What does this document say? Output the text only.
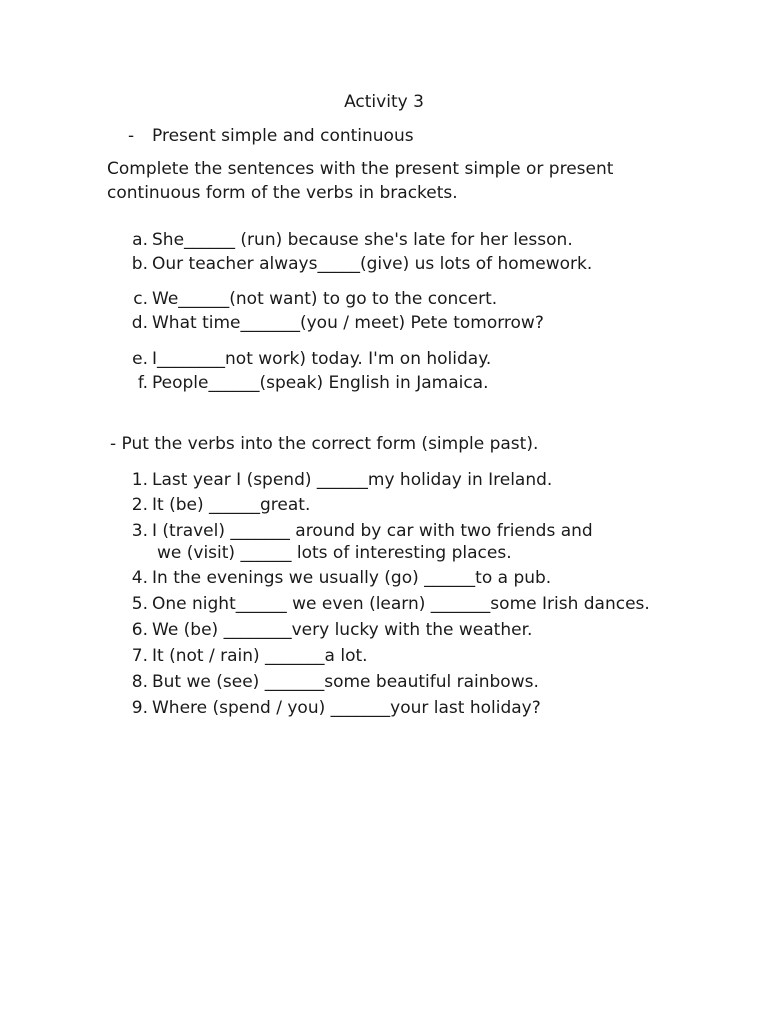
Activity 3
- Present simple and continuous
Complete the sentences with the present simple or present
continuous form of the verbs in brackets.
a. She______ (run) because she's late for her lesson.
b. Our teacher always_____(give) us lots of homework.
c. We______(not want) to go to the concert.
d. What time_______(you / meet) Pete tomorrow?
e. I________not work) today. I'm on holiday.
f. People______(speak) English in Jamaica.
- Put the verbs into the correct form (simple past).
1. Last year I (spend) ______my holiday in Ireland.
2. It (be) ______great.
3. I (travel) _______ around by car with two friends and
we (visit) ______ lots of interesting places.
4. In the evenings we usually (go) ______to a pub.
5. One night______ we even (learn) _______some Irish dances.
6. We (be) ________very lucky with the weather.
7. It (not / rain) _______a lot.
8. But we (see) _______some beautiful rainbows.
9. Where (spend / you) _______your last holiday?
